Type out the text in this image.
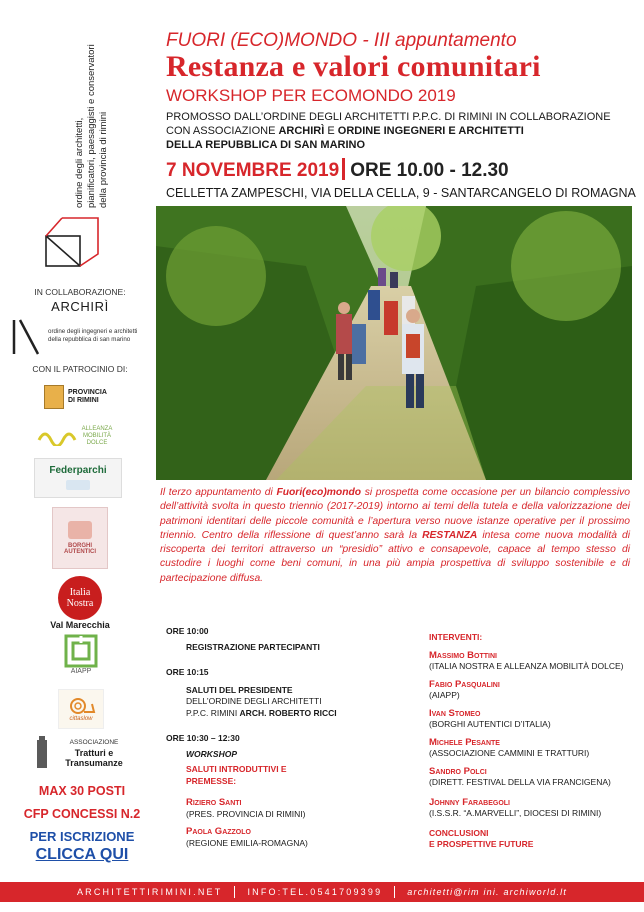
ordine degli architetti, pianificatori, paesaggisti e conservatori della provincia di rimini
IN COLLABORAZIONE:
ARCHIRÌ
ordine degli ingegneri e architetti
della repubblica di san marino
CON IL PATROCINIO DI:
PROVINCIA DI RIMINI
ALLEANZA MOBILITÀ DOLCE
Federparchi
BORGHI AUTENTICI
Italia
Nostra
Val Marecchia
AIAPP
cittaslow
ASSOCIAZIONE
Tratturi e
Transumanze
MAX 30 POSTI
CFP CONCESSI N.2
PER ISCRIZIONE
CLICCA QUI
FUORI (ECO)MONDO - III appuntamento
Restanza e valori comunitari
WORKSHOP PER ECOMONDO 2019
PROMOSSO DALL’ORDINE DEGLI ARCHITETTI P.P.C. DI RIMINI IN COLLABORAZIONE
CON ASSOCIAZIONE ARCHIRÌ E ORDINE INGEGNERI E ARCHITETTI
DELLA REPUBBLICA DI SAN MARINO
7 NOVEMBRE 2019 ORE 10.00 - 12.30
CELLETTA ZAMPESCHI, VIA DELLA CELLA, 9 - SANTARCANGELO DI ROMAGNA
Il terzo appuntamento di Fuori(eco)mondo si prospetta come occasione per un bilancio complessivo dell’attività svolta in questo triennio (2017-2019) intorno ai temi della tutela e della valorizzazione dei patrimoni identitari delle piccole comunità e l’apertura verso nuove istanze operative per il prossimo triennio. Centro della riflessione di quest’anno sarà la RESTANZA intesa come nuova modalità di riscoperta dei territori attraverso un “presidio” attivo e consapevole, capace al tempo stesso di custodire i luoghi come beni comuni, in una più ampia prospettiva di sviluppo sostenibile e di partecipazione diffusa.
ORE 10:00
REGISTRAZIONE PARTECIPANTI
ORE 10:15
SALUTI DEL PRESIDENTE
DELL’ORDINE DEGLI ARCHITETTI
P.P.C. RIMINI ARCH. ROBERTO RICCI
ORE 10:30 – 12:30
WORKSHOP
SALUTI INTRODUTTIVI E
PREMESSE:
Riziero Santi
(PRES. PROVINCIA DI RIMINI)
Paola Gazzolo
(REGIONE EMILIA-ROMAGNA)
INTERVENTI:
Massimo Bottini
(ITALIA NOSTRA E ALLEANZA MOBILITÀ DOLCE)
Fabio Pasqualini
(AIAPP)
Ivan Stomeo
(BORGHI AUTENTICI D’ITALIA)
Michele Pesante
(ASSOCIAZIONE CAMMINI E TRATTURI)
Sandro Polci
(DIRETT. FESTIVAL DELLA VIA FRANCIGENA)
Johnny Farabegoli
(I.S.S.R. “A.MARVELLI”, DIOCESI DI RIMINI)
CONCLUSIONI
E PROSPETTIVE FUTURE
ARCHITETTIRIMINI.NET	INFO:TEL.0541709399	architetti@rim ini. archiworld.lt
